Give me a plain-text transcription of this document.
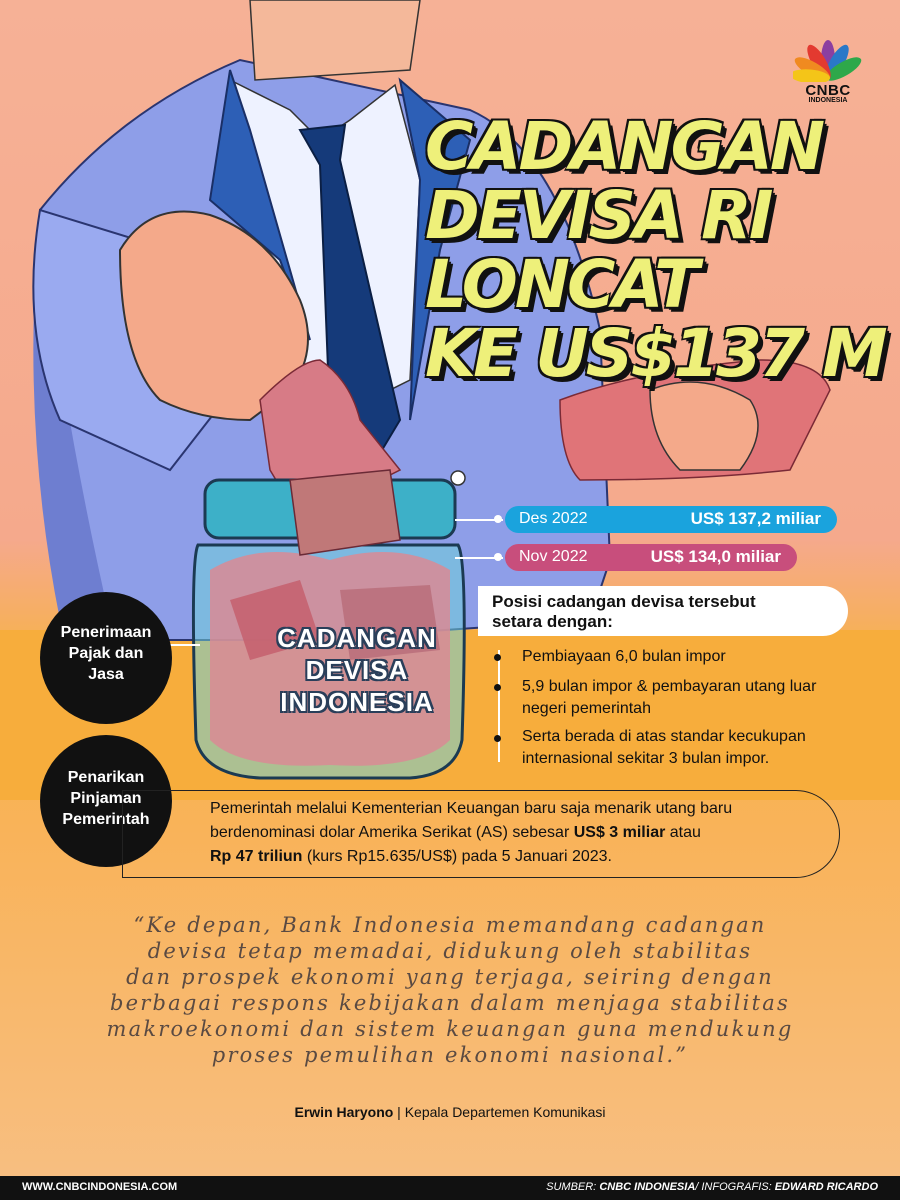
CNBC
INDONESIA
CADANGAN
DEVISA RI
LONCAT
KE US$137 M
CADANGAN
DEVISA
INDONESIA
Des 2022	US$ 137,2 miliar
Nov 2022	US$ 134,0 miliar
Posisi cadangan devisa tersebut
setara dengan:
Pembiayaan 6,0 bulan impor
5,9 bulan impor & pembayaran utang luar
negeri pemerintah
Serta berada di atas standar kecukupan
internasional sekitar 3 bulan impor.
Penerimaan
Pajak dan
Jasa
Penarikan
Pinjaman
Pemerintah
Pemerintah melalui Kementerian Keuangan baru saja menarik utang baru
berdenominasi dolar Amerika Serikat (AS) sebesar US$ 3 miliar atau
Rp 47 triliun (kurs Rp15.635/US$) pada 5 Januari 2023.
“Ke depan, Bank Indonesia memandang cadangan
devisa tetap memadai, didukung oleh stabilitas
dan prospek ekonomi yang terjaga, seiring dengan
berbagai respons kebijakan dalam menjaga stabilitas
makroekonomi dan sistem keuangan guna mendukung
proses pemulihan ekonomi nasional.”
Erwin Haryono | Kepala Departemen Komunikasi
WWW.CNBCINDONESIA.COM	SUMBER: CNBC INDONESIA/ INFOGRAFIS: EDWARD RICARDO
